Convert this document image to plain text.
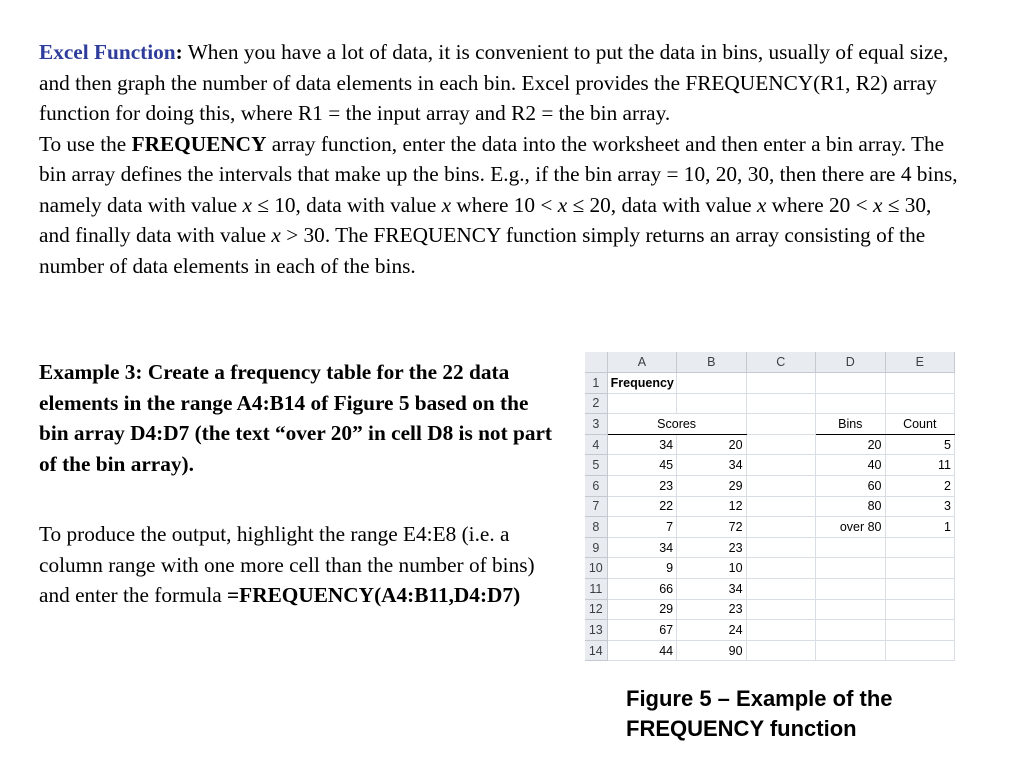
Excel Function: When you have a lot of data, it is convenient to put the data in bins, usually of equal size, and then graph the number of data elements in each bin. Excel provides the FREQUENCY(R1, R2) array function for doing this, where R1 = the input array and R2 = the bin array.

To use the FREQUENCY array function, enter the data into the worksheet and then enter a bin array. The bin array defines the intervals that make up the bins. E.g., if the bin array = 10, 20, 30, then there are 4 bins, namely data with value x ≤ 10, data with value x where 10 < x ≤ 20, data with value x where 20 < x ≤ 30, and finally data with value x > 30. The FREQUENCY function simply returns an array consisting of the number of data elements in each of the bins.

Example 3: Create a frequency table for the 22 data elements in the range A4:B14 of Figure 5 based on the bin array D4:D7 (the text “over 20” in cell D8 is not part of the bin array).

To produce the output, highlight the range E4:E8 (i.e. a column range with one more cell than the number of bins) and enter the formula =FREQUENCY(A4:B11,D4:D7)

	A	B	C	D	E
1	Frequency				
2					
3	Scores			Bins	Count
4	34	20		20	5
5	45	34		40	11
6	23	29		60	2
7	22	12		80	3
8	7	72		over 80	1
9	34	23			
10	9	10			
11	66	34			
12	29	23			
13	67	24			
14	44	90			

Figure 5 – Example of the FREQUENCY function
